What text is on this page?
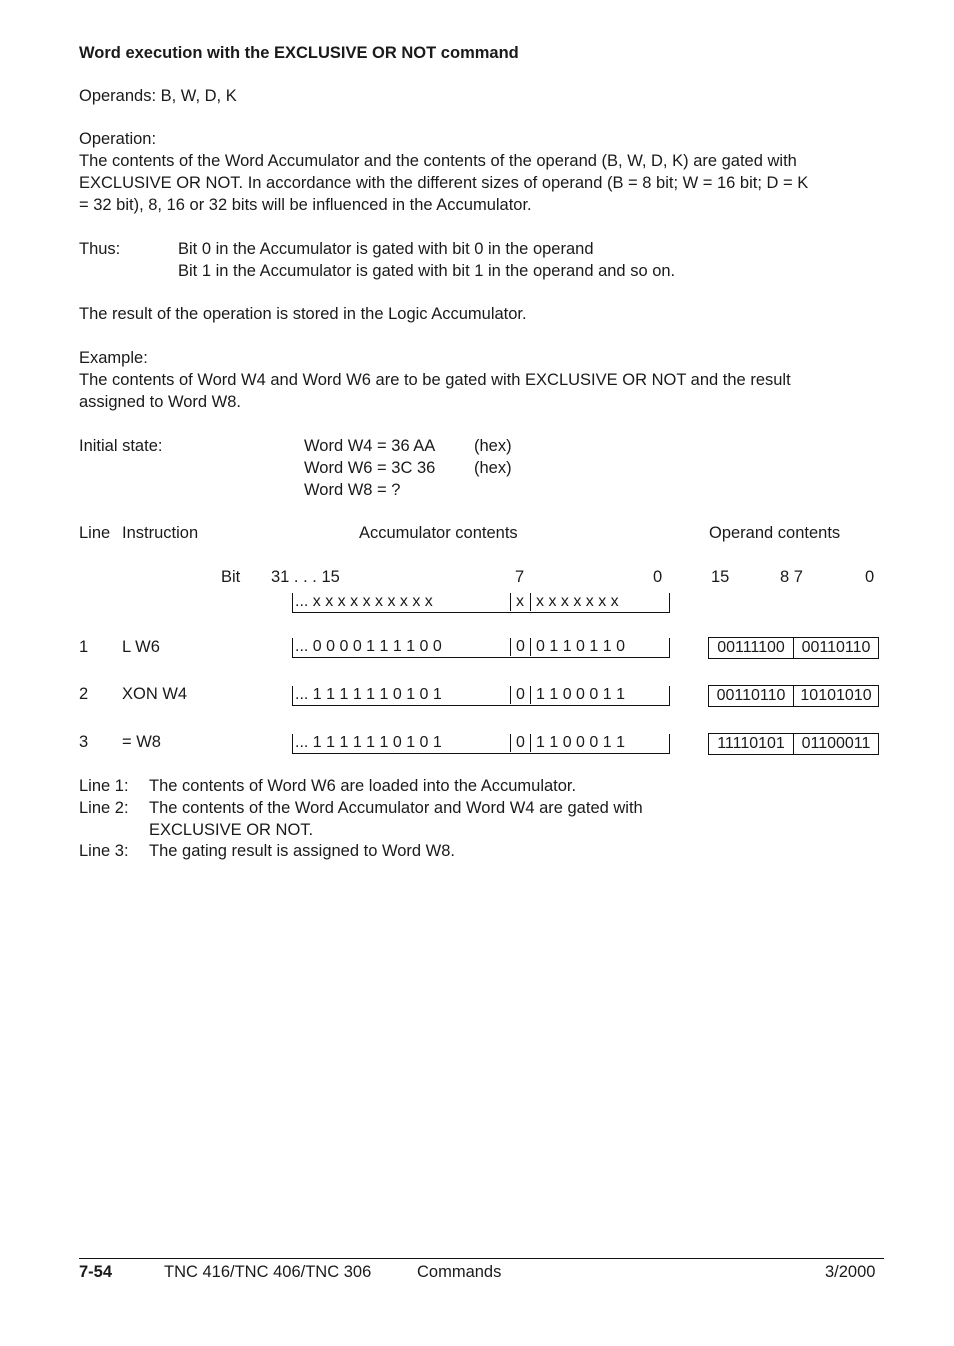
Word execution with the EXCLUSIVE OR NOT command
Operands: B, W, D, K
Operation:
The contents of the Word Accumulator and the contents of the operand (B, W, D, K) are gated with
EXCLUSIVE OR NOT. In accordance with the different sizes of operand (B = 8 bit; W = 16 bit; D = K
= 32 bit), 8, 16 or 32 bits will be influenced in the Accumulator.
Thus:	Bit 0 in the Accumulator is gated with bit 0 in the operand
Bit 1 in the Accumulator is gated with bit 1 in the operand and so on.
The result of the operation is stored in the Logic Accumulator.
Example:
The contents of Word W4 and Word W6 are to be gated with EXCLUSIVE OR NOT and the result
assigned to Word W8.
Initial state:	Word W4 = 36 AA (hex)
Word W6 = 3C 36 (hex)
Word W8 = ?
Line Instruction	Accumulator contents	Operand contents
Bit 31 . . . 15	7	0	15	8 7	0
... x x x x x x x x x x	x x x x x x x x
1 L W6	... 0 0 0 0 1 1 1 1 0 0	0 0 1 1 0 1 1 0	00111100	00110110
2 XON W4	... 1 1 1 1 1 1 0 1 0 1	0 1 1 0 0 0 1 1	00110110 10101010
3 = W8	... 1 1 1 1 1 1 0 1 0 1	0 1 1 0 0 0 1 1	11110101	01100011
Line 1: The contents of Word W6 are loaded into the Accumulator.
Line 2: The contents of the Word Accumulator and Word W4 are gated with
EXCLUSIVE OR NOT.
Line 3: The gating result is assigned to Word W8.
7-54	TNC 416/TNC 406/TNC 306	Commands	3/2000
